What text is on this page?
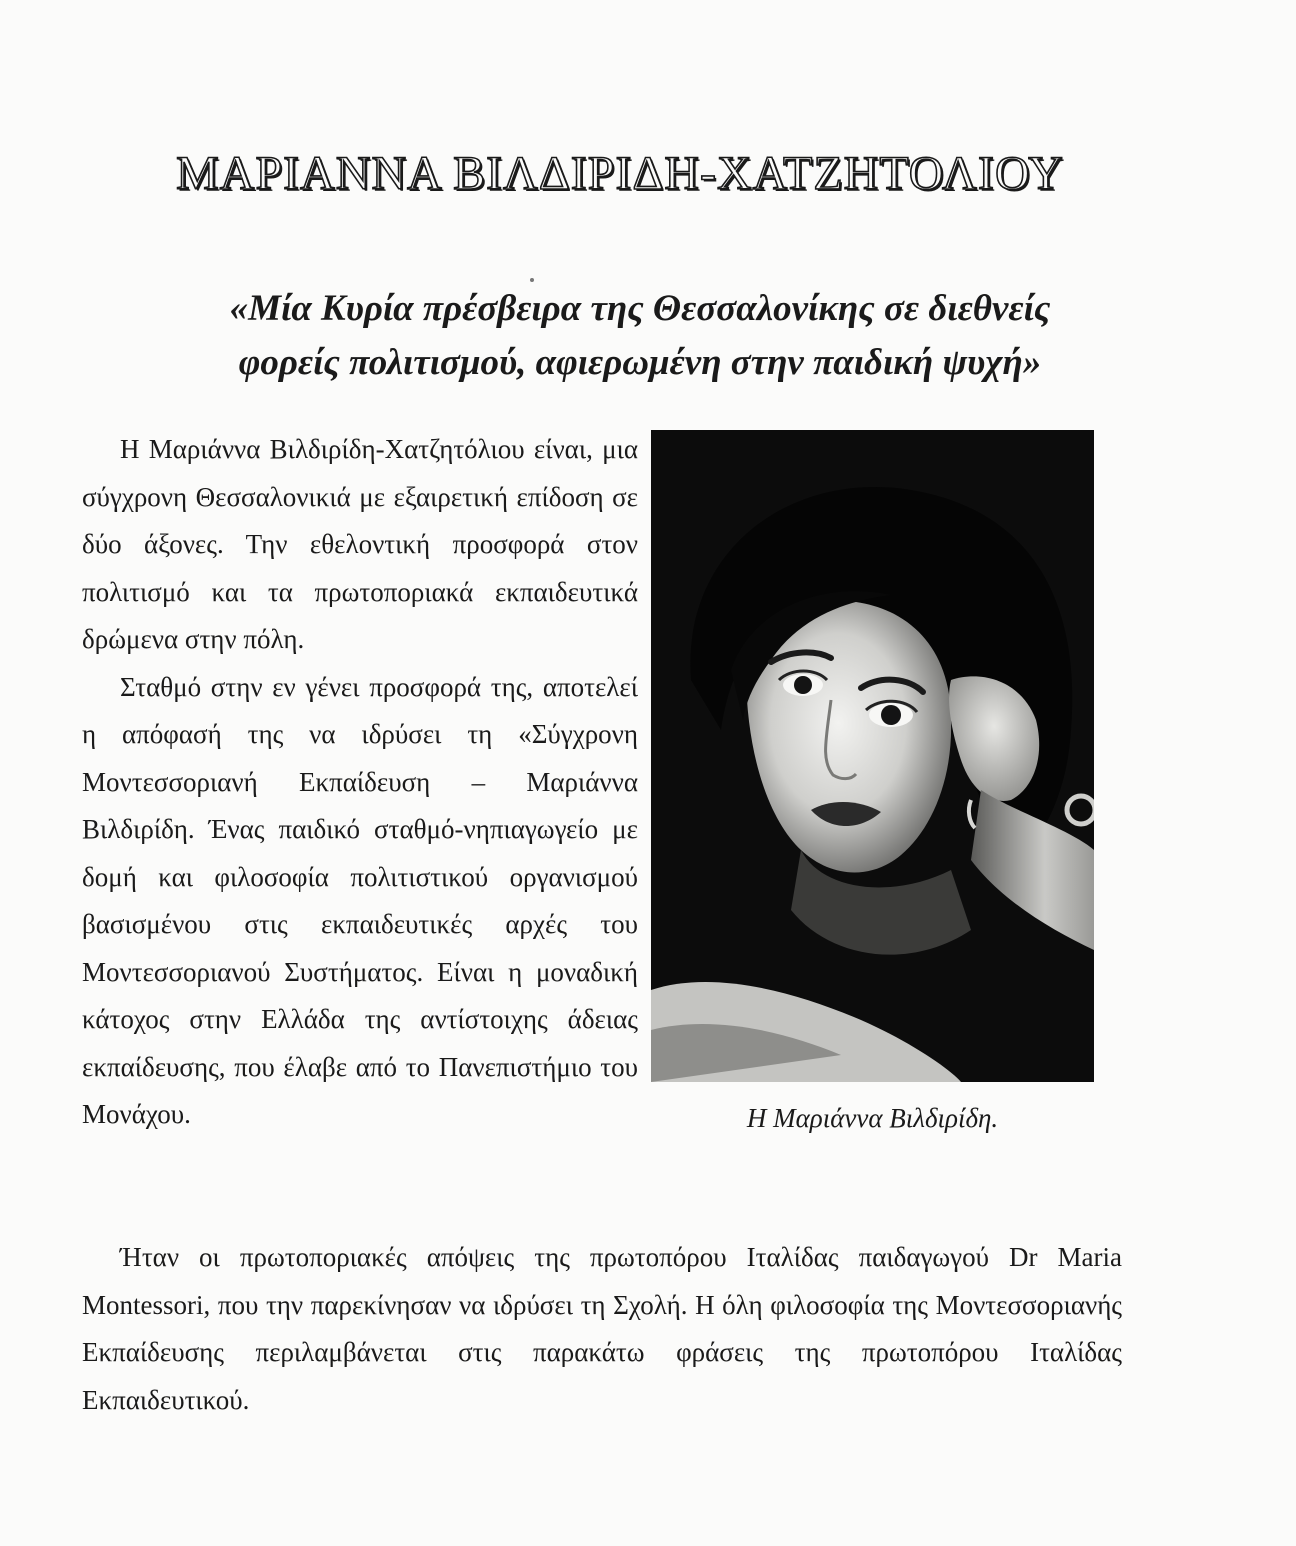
ΜΑΡΙΑΝΝΑ ΒΙΛΔΙΡΙΔΗ-ΧΑΤΖΗΤΟΛΙΟΥ
«Μία Κυρία πρέσβειρα της Θεσσαλονίκης σε διεθνείς
φορείς πολιτισμού, αφιερωμένη στην παιδική ψυχή»

Η Μαριάννα Βιλδιρίδη-Χατζητόλιου είναι, μια σύγχρονη Θεσσαλονικιά με εξαιρετική επίδοση σε δύο άξονες. Την εθελοντική προσφορά στον πολιτισμό και τα πρωτοποριακά εκπαιδευτικά δρώμενα στην πόλη.

Σταθμό στην εν γένει προσφορά της, αποτελεί η απόφασή της να ιδρύσει τη «Σύγχρονη Μοντεσσοριανή Εκπαίδευση – Μαριάννα Βιλδιρίδη. Ένας παιδικό σταθμό-νηπιαγωγείο με δομή και φιλοσοφία πολιτιστικού οργανισμού βασισμένου στις εκπαιδευτικές αρχές του Μοντεσσοριανού Συστήματος. Είναι η μοναδική κάτοχος στην Ελλάδα της αντίστοιχης άδειας εκπαίδευσης, που έλαβε από το Πανεπιστήμιο του Μονάχου.	Η Μαριάννα Βιλδιρίδη.

Ήταν οι πρωτοποριακές απόψεις της πρωτοπόρου Ιταλίδας παιδαγωγού Dr Maria Montessori, που την παρεκίνησαν να ιδρύσει τη Σχολή. Η όλη φιλοσοφία της Μοντεσσοριανής Εκπαίδευσης περιλαμβάνεται στις παρακάτω φράσεις της πρωτοπόρου Ιταλίδας Εκπαιδευτικού.
